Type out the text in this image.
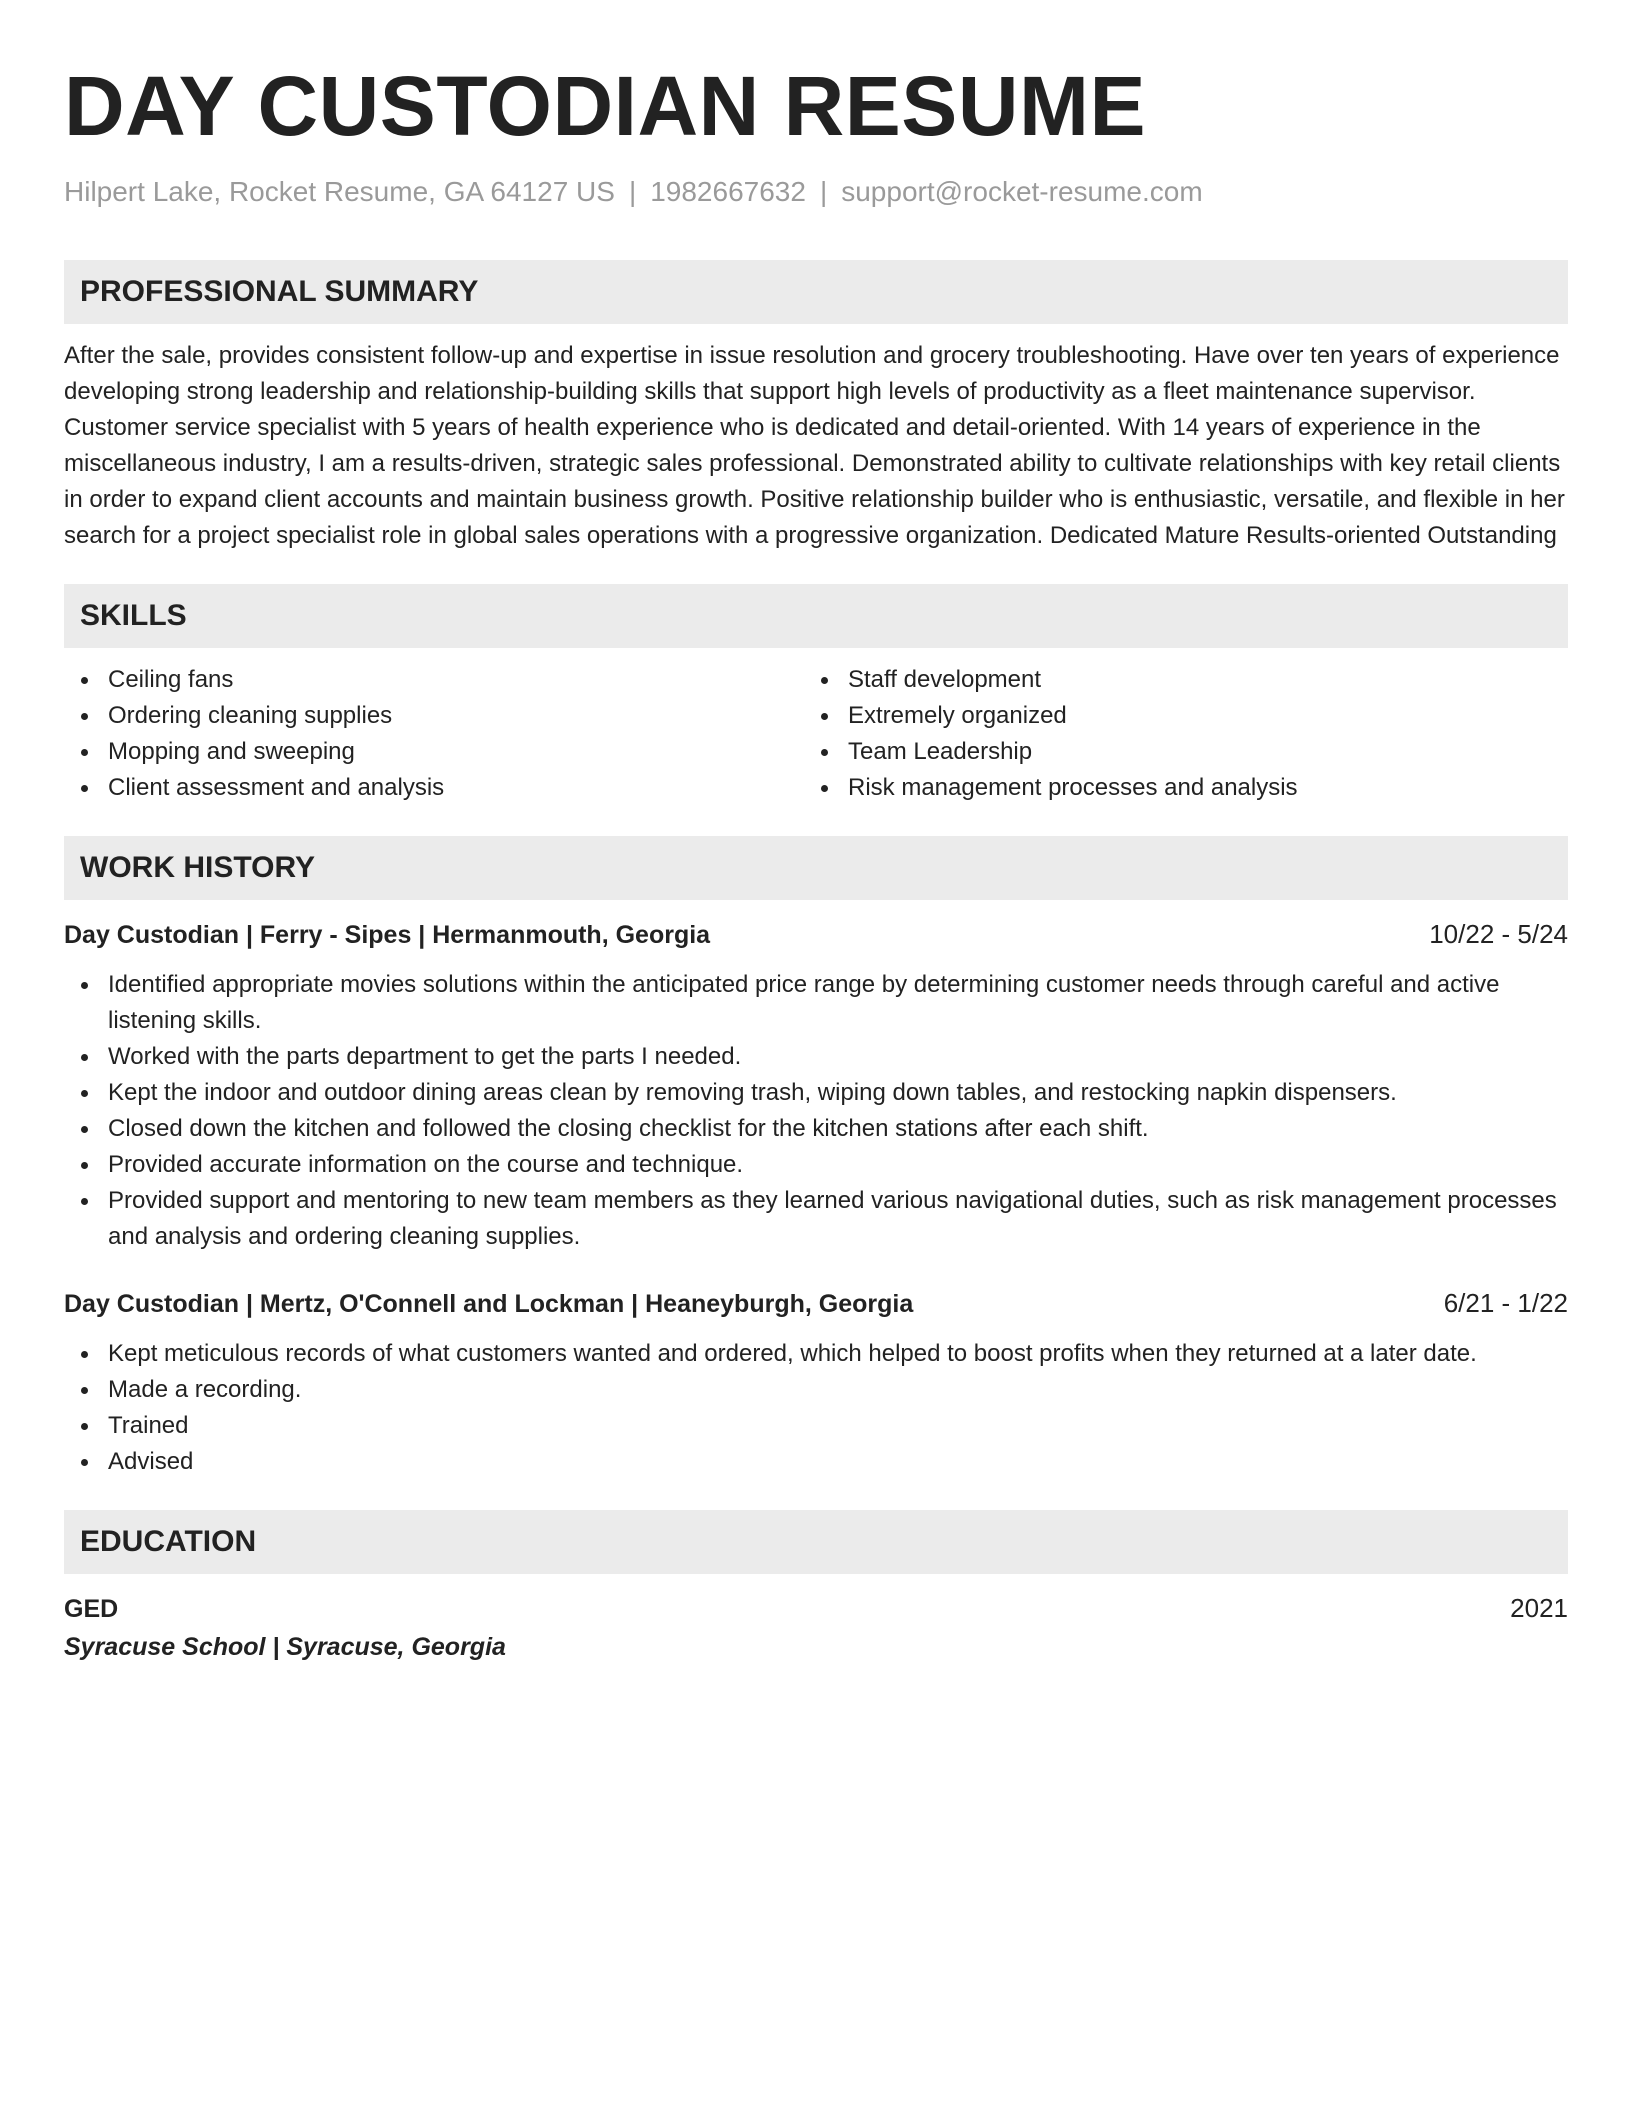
DAY CUSTODIAN RESUME
Hilpert Lake, Rocket Resume, GA 64127 US | 1982667632 | support@rocket-resume.com
PROFESSIONAL SUMMARY
After the sale, provides consistent follow-up and expertise in issue resolution and grocery troubleshooting. Have over ten years of experience developing strong leadership and relationship-building skills that support high levels of productivity as a fleet maintenance supervisor. Customer service specialist with 5 years of health experience who is dedicated and detail-oriented. With 14 years of experience in the miscellaneous industry, I am a results-driven, strategic sales professional. Demonstrated ability to cultivate relationships with key retail clients in order to expand client accounts and maintain business growth. Positive relationship builder who is enthusiastic, versatile, and flexible in her search for a project specialist role in global sales operations with a progressive organization. Dedicated Mature Results-oriented Outstanding
SKILLS
Ceiling fans
Ordering cleaning supplies
Mopping and sweeping
Client assessment and analysis
Staff development
Extremely organized
Team Leadership
Risk management processes and analysis
WORK HISTORY
Day Custodian | Ferry - Sipes | Hermanmouth, Georgia	10/22 - 5/24
Identified appropriate movies solutions within the anticipated price range by determining customer needs through careful and active listening skills.
Worked with the parts department to get the parts I needed.
Kept the indoor and outdoor dining areas clean by removing trash, wiping down tables, and restocking napkin dispensers.
Closed down the kitchen and followed the closing checklist for the kitchen stations after each shift.
Provided accurate information on the course and technique.
Provided support and mentoring to new team members as they learned various navigational duties, such as risk management processes and analysis and ordering cleaning supplies.
Day Custodian | Mertz, O'Connell and Lockman | Heaneyburgh, Georgia	6/21 - 1/22
Kept meticulous records of what customers wanted and ordered, which helped to boost profits when they returned at a later date.
Made a recording.
Trained
Advised
EDUCATION
GED	2021
Syracuse School | Syracuse, Georgia
